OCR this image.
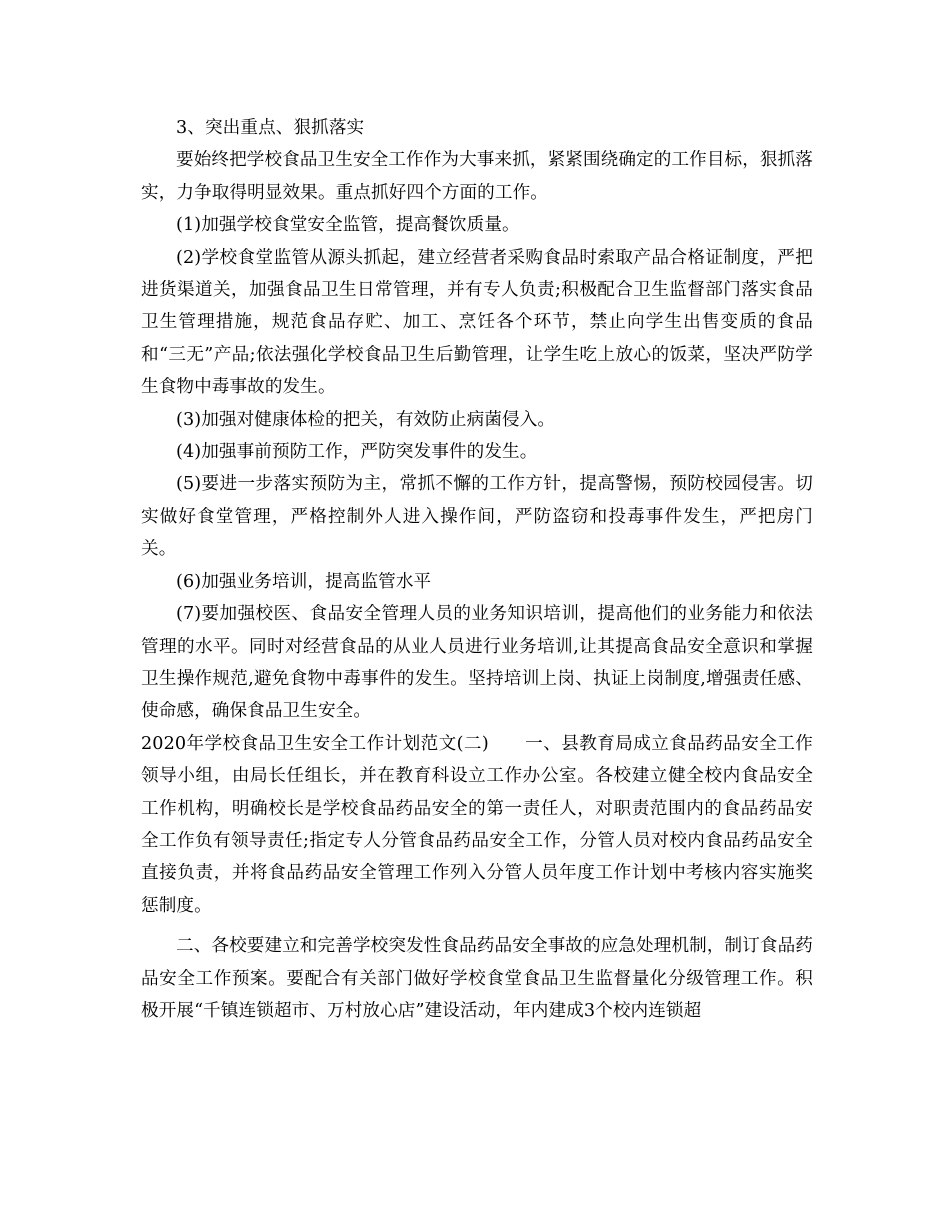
3、突出重点、狠抓落实

要始终把学校食品卫生安全工作作为大事来抓，紧紧围绕确定的工作目标，狠抓落实，力争取得明显效果。重点抓好四个方面的工作。

(1)加强学校食堂安全监管，提高餐饮质量。

(2)学校食堂监管从源头抓起，建立经营者采购食品时索取产品合格证制度，严把进货渠道关，加强食品卫生日常管理，并有专人负责;积极配合卫生监督部门落实食品卫生管理措施，规范食品存贮、加工、烹饪各个环节，禁止向学生出售变质的食品和“三无”产品;依法强化学校食品卫生后勤管理，让学生吃上放心的饭菜，坚决严防学生食物中毒事故的发生。

(3)加强对健康体检的把关，有效防止病菌侵入。

(4)加强事前预防工作，严防突发事件的发生。

(5)要进一步落实预防为主，常抓不懈的工作方针，提高警惕，预防校园侵害。切实做好食堂管理，严格控制外人进入操作间，严防盗窃和投毒事件发生，严把房门关。

(6)加强业务培训，提高监管水平

(7)要加强校医、食品安全管理人员的业务知识培训，提高他们的业务能力和依法管理的水平。同时对经营食品的从业人员进行业务培训,让其提高食品安全意识和掌握卫生操作规范,避免食物中毒事件的发生。坚持培训上岗、执证上岗制度,增强责任感、使命感，确保食品卫生安全。

2020年学校食品卫生安全工作计划范文(二)　　一、县教育局成立食品药品安全工作领导小组，由局长任组长，并在教育科设立工作办公室。各校建立健全校内食品安全工作机构，明确校长是学校食品药品安全的第一责任人，对职责范围内的食品药品安全工作负有领导责任;指定专人分管食品药品安全工作，分管人员对校内食品药品安全直接负责，并将食品药品安全管理工作列入分管人员年度工作计划中考核内容实施奖惩制度。

二、各校要建立和完善学校突发性食品药品安全事故的应急处理机制，制订食品药品安全工作预案。要配合有关部门做好学校食堂食品卫生监督量化分级管理工作。积极开展“千镇连锁超市、万村放心店”建设活动，年内建成3个校内连锁超
